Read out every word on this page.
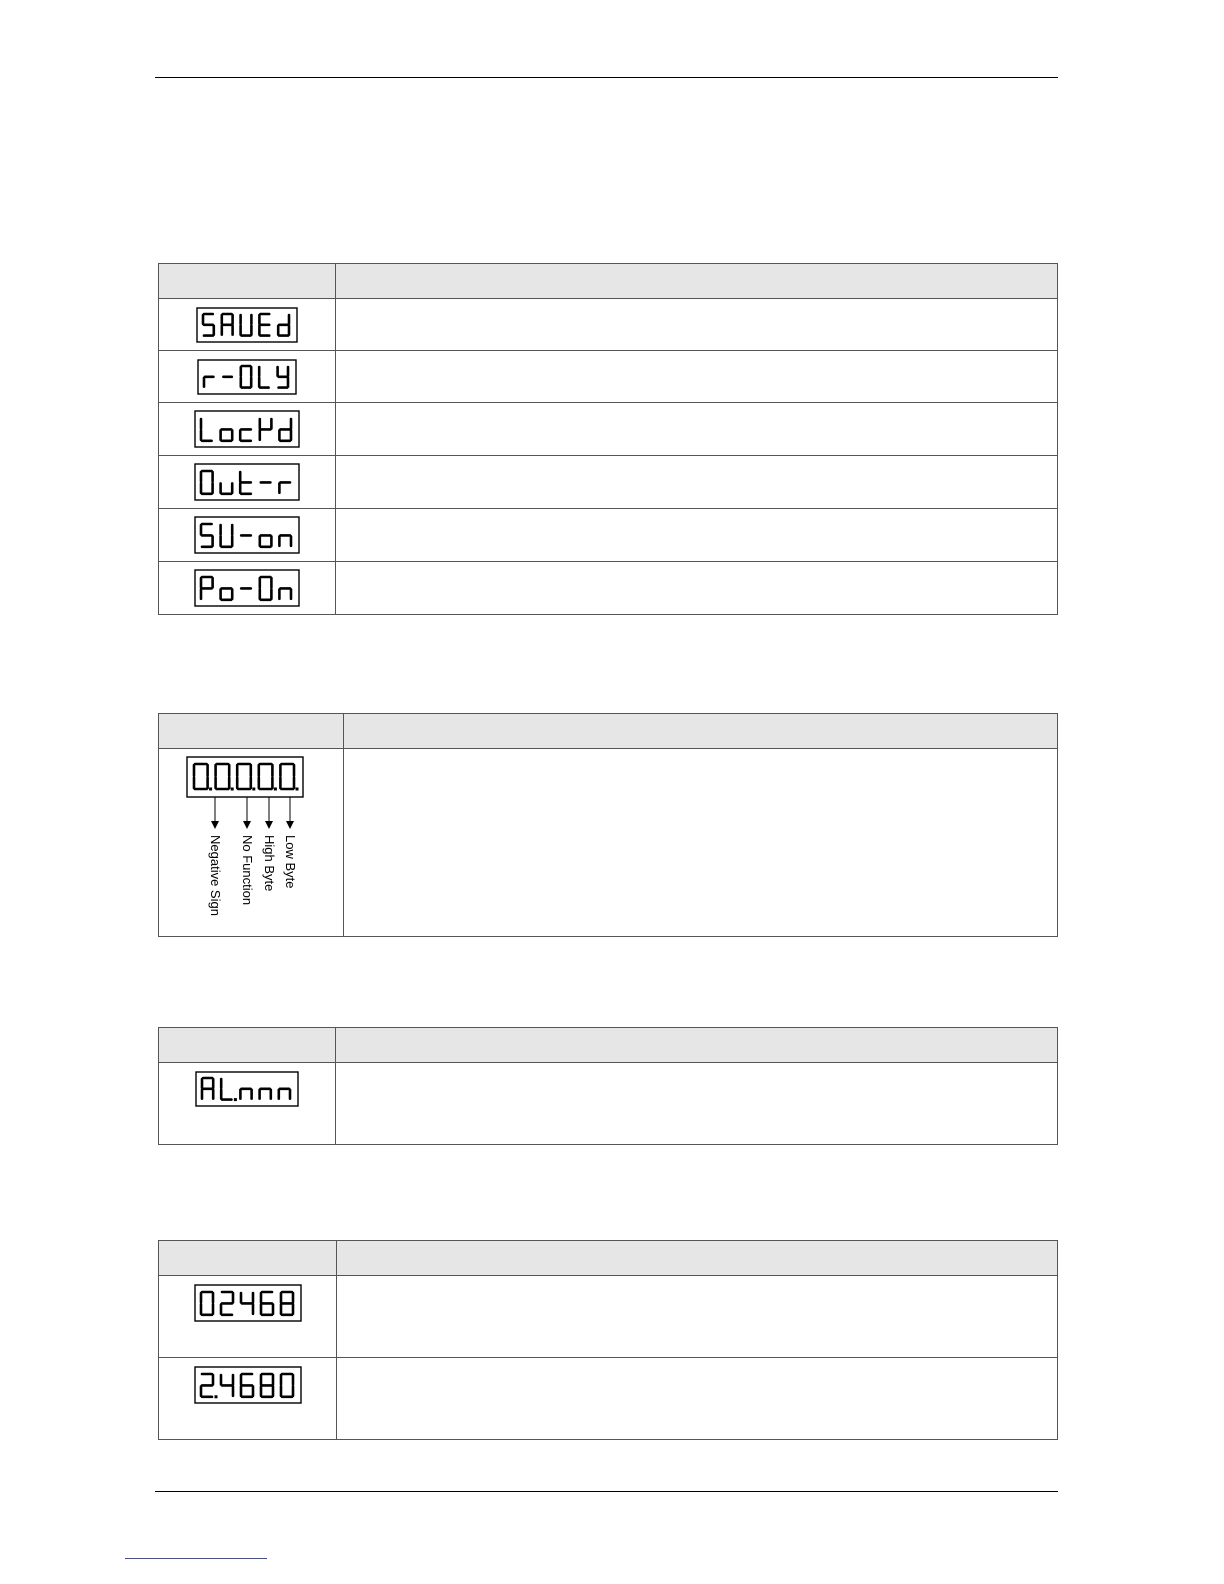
Negative Sign No Function High Byte Low Byte	
